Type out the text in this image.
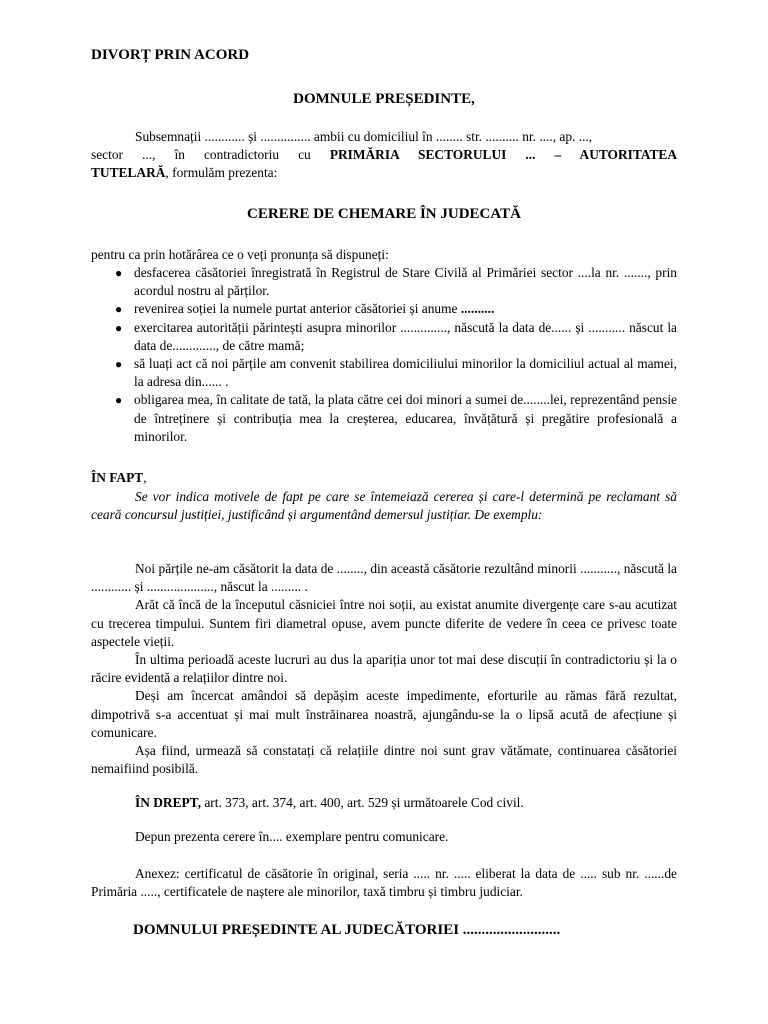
DIVORȚ PRIN ACORD
DOMNULE PREȘEDINTE,
Subsemnații ............ și ............... ambii cu domiciliul în ........ str. .......... nr. ...., ap. ...,
sector ..., în contradictoriu cu PRIMĂRIA SECTORULUI ... – AUTORITATEA
TUTELARĂ, formulăm prezenta:
CERERE DE CHEMARE ÎN JUDECATĂ
pentru ca prin hotărârea ce o veți pronunța să dispuneți:
● desfacerea căsătoriei înregistrată în Registrul de Stare Civilă al Primăriei sector ....la nr. ......., prin acordul nostru al părților.
● revenirea soției la numele purtat anterior căsătoriei și anume ..........
● exercitarea autorității părintești asupra minorilor .............., născută la data de...... și ........... născut la data de............., de către mamă;
● să luați act că noi părțile am convenit stabilirea domiciliului minorilor la domiciliul actual al mamei, la adresa din...... .
● obligarea mea, în calitate de tată, la plata către cei doi minori a sumei de........lei, reprezentând pensie de întreținere și contribuția mea la creșterea, educarea, învățătură și pregătire profesională a minorilor.
ÎN FAPT,
Se vor indica motivele de fapt pe care se întemeiază cererea și care-l determină pe reclamant să ceară concursul justiției, justificând și argumentând demersul justițiar. De exemplu:
Noi părțile ne-am căsătorit la data de ........, din această căsătorie rezultând minorii ..........., născută la ............ și ...................., născut la ......... .
Arăt că încă de la începutul căsniciei între noi soții, au existat anumite divergențe care s-au acutizat cu trecerea timpului. Suntem firi diametral opuse, avem puncte diferite de vedere în ceea ce privesc toate aspectele vieții.
În ultima perioadă aceste lucruri au dus la apariția unor tot mai dese discuții în contradictoriu și la o răcire evidentă a relațiilor dintre noi.
Deși am încercat amândoi să depășim aceste impedimente, eforturile au rămas fără rezultat, dimpotrivă s-a accentuat și mai mult înstrăinarea noastră, ajungându-se la o lipsă acută de afecțiune și comunicare.
Așa fiind, urmează să constatați că relațiile dintre noi sunt grav vătămate, continuarea căsătoriei nemaifiind posibilă.
ÎN DREPT, art. 373, art. 374, art. 400, art. 529 și următoarele Cod civil.
Depun prezenta cerere în.... exemplare pentru comunicare.
Anexez: certificatul de căsătorie în original, seria ..... nr. ..... eliberat la data de ..... sub nr. ......de Primăria ....., certificatele de naștere ale minorilor, taxă timbru și timbru judiciar.
DOMNULUI PREȘEDINTE AL JUDECĂTORIEI ..........................
